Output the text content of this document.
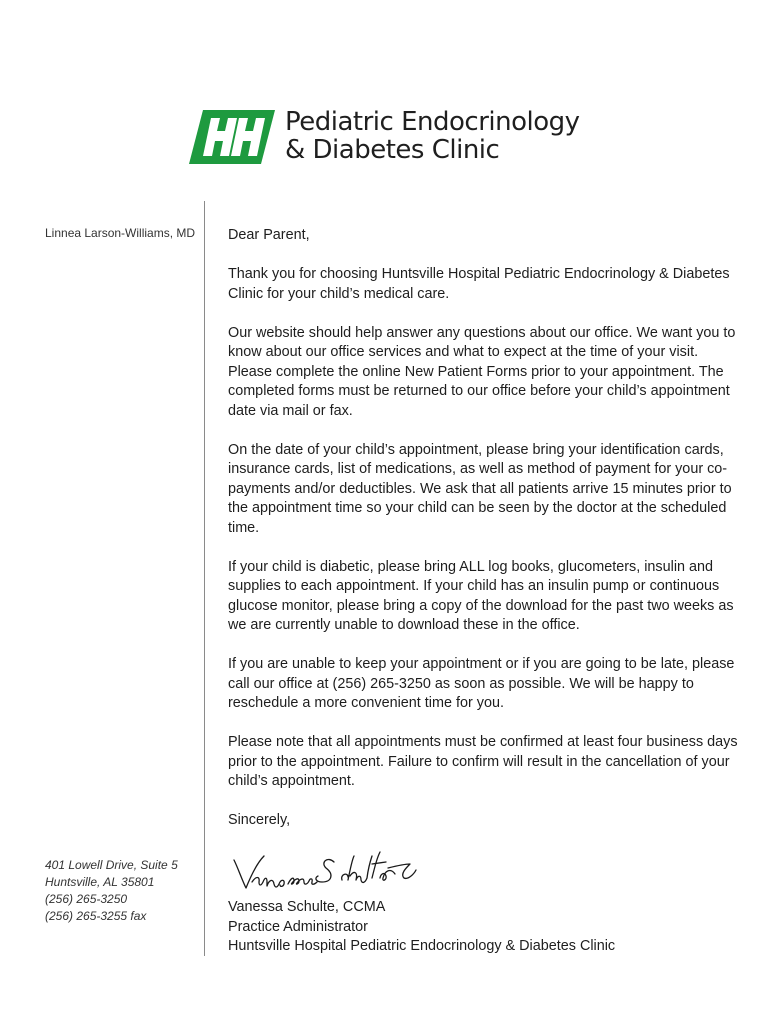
Pediatric Endocrinology
& Diabetes Clinic
Linnea Larson-Williams, MD
401 Lowell Drive, Suite 5
Huntsville, AL 35801
(256) 265-3250
(256) 265-3255 fax

Dear Parent,

Thank you for choosing Huntsville Hospital Pediatric Endocrinology & Diabetes Clinic for your child’s medical care.

Our website should help answer any questions about our office. We want you to know about our office services and what to expect at the time of your visit. Please complete the online New Patient Forms prior to your appointment. The completed forms must be returned to our office before your child’s appointment date via mail or fax.

On the date of your child’s appointment, please bring your identification cards, insurance cards, list of medications, as well as method of payment for your co-payments and/or deductibles. We ask that all patients arrive 15 minutes prior to the appointment time so your child can be seen by the doctor at the scheduled time.

If your child is diabetic, please bring ALL log books, glucometers, insulin and supplies to each appointment. If your child has an insulin pump or continuous glucose monitor, please bring a copy of the download for the past two weeks as we are currently unable to download these in the office.

If you are unable to keep your appointment or if you are going to be late, please call our office at (256) 265-3250 as soon as possible. We will be happy to reschedule a more convenient time for you.

Please note that all appointments must be confirmed at least four business days prior to the appointment. Failure to confirm will result in the cancellation of your child’s appointment.

Sincerely,

Vanessa Schulte, CCMA
Practice Administrator
Huntsville Hospital Pediatric Endocrinology & Diabetes Clinic
